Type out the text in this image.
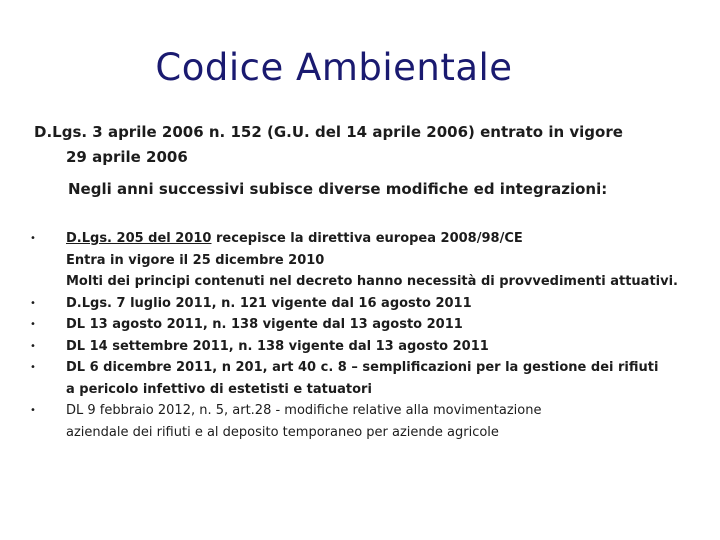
Codice Ambientale
D.Lgs. 3 aprile 2006 n. 152 (G.U. del 14 aprile 2006) entrato in vigore
29 aprile 2006
Negli anni successivi subisce diverse modifiche ed integrazioni:
•	D.Lgs. 205 del 2010 recepisce la direttiva europea 2008/98/CE
Entra in vigore il 25 dicembre 2010
Molti dei principi contenuti nel decreto hanno necessità di provvedimenti attuativi.
•	D.Lgs. 7 luglio 2011, n. 121 vigente dal 16 agosto 2011
•	DL 13 agosto 2011, n. 138 vigente dal 13 agosto 2011
•	DL 14 settembre 2011, n. 138 vigente dal 13 agosto 2011
•	DL 6 dicembre 2011, n 201, art 40 c. 8 – semplificazioni per la gestione dei rifiuti
a pericolo infettivo di estetisti e tatuatori
•	DL 9 febbraio 2012, n. 5, art.28 - modifiche relative alla movimentazione
aziendale dei rifiuti e al deposito temporaneo per aziende agricole
